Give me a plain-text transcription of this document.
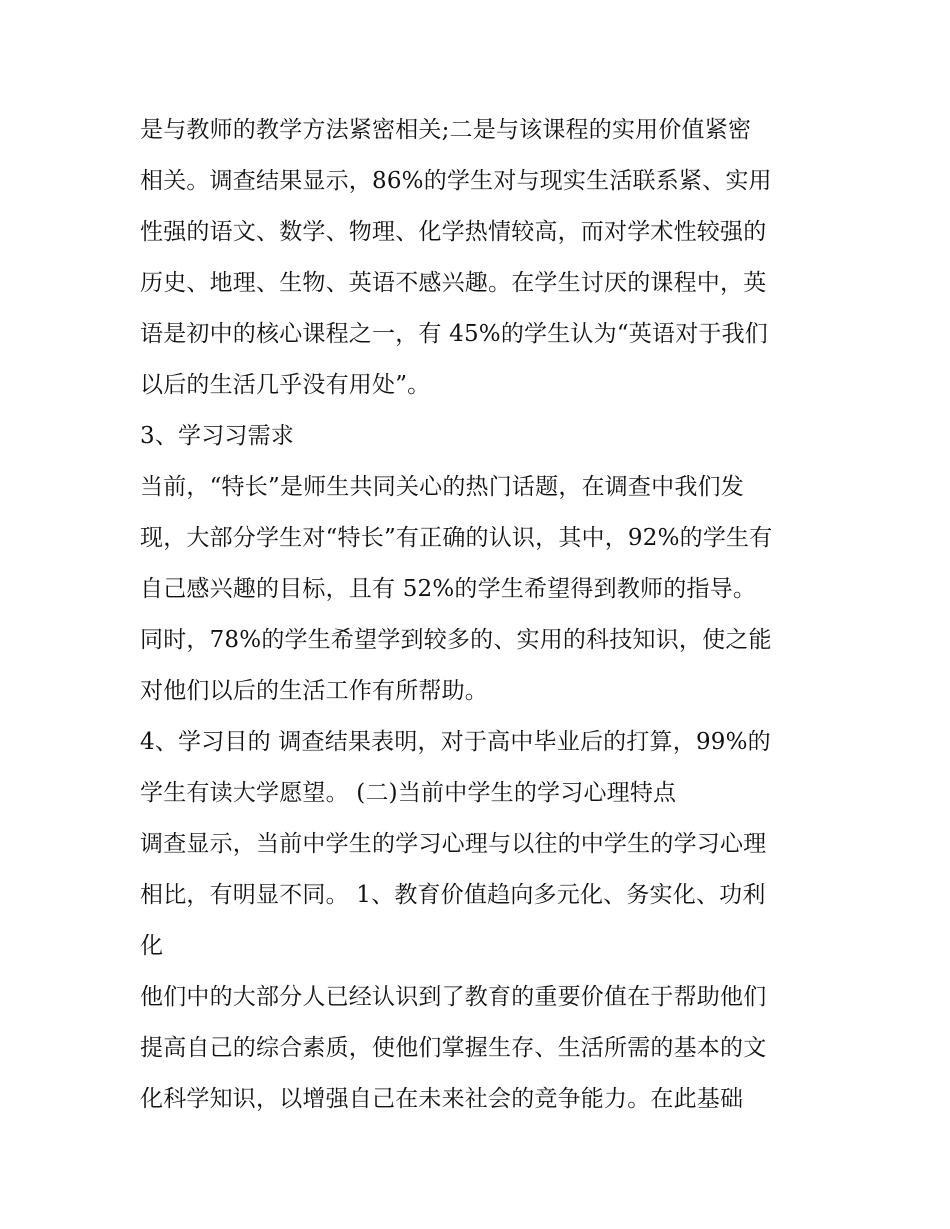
是与教师的教学方法紧密相关;二是与该课程的实用价值紧密
相关。调查结果显示，86%的学生对与现实生活联系紧、实用
性强的语文、数学、物理、化学热情较高，而对学术性较强的
历史、地理、生物、英语不感兴趣。在学生讨厌的课程中，英
语是初中的核心课程之一，有 45%的学生认为“英语对于我们
以后的生活几乎没有用处”。
3、学习习需求
当前，“特长”是师生共同关心的热门话题，在调查中我们发
现，大部分学生对“特长”有正确的认识，其中，92%的学生有
自己感兴趣的目标，且有 52%的学生希望得到教师的指导。
同时，78%的学生希望学到较多的、实用的科技知识，使之能
对他们以后的生活工作有所帮助。
4、学习目的 调查结果表明，对于高中毕业后的打算，99%的
学生有读大学愿望。 (二)当前中学生的学习心理特点
调查显示，当前中学生的学习心理与以往的中学生的学习心理
相比，有明显不同。 1、教育价值趋向多元化、务实化、功利
化
他们中的大部分人已经认识到了教育的重要价值在于帮助他们
提高自己的综合素质，使他们掌握生存、生活所需的基本的文
化科学知识，以增强自己在未来社会的竞争能力。在此基础
